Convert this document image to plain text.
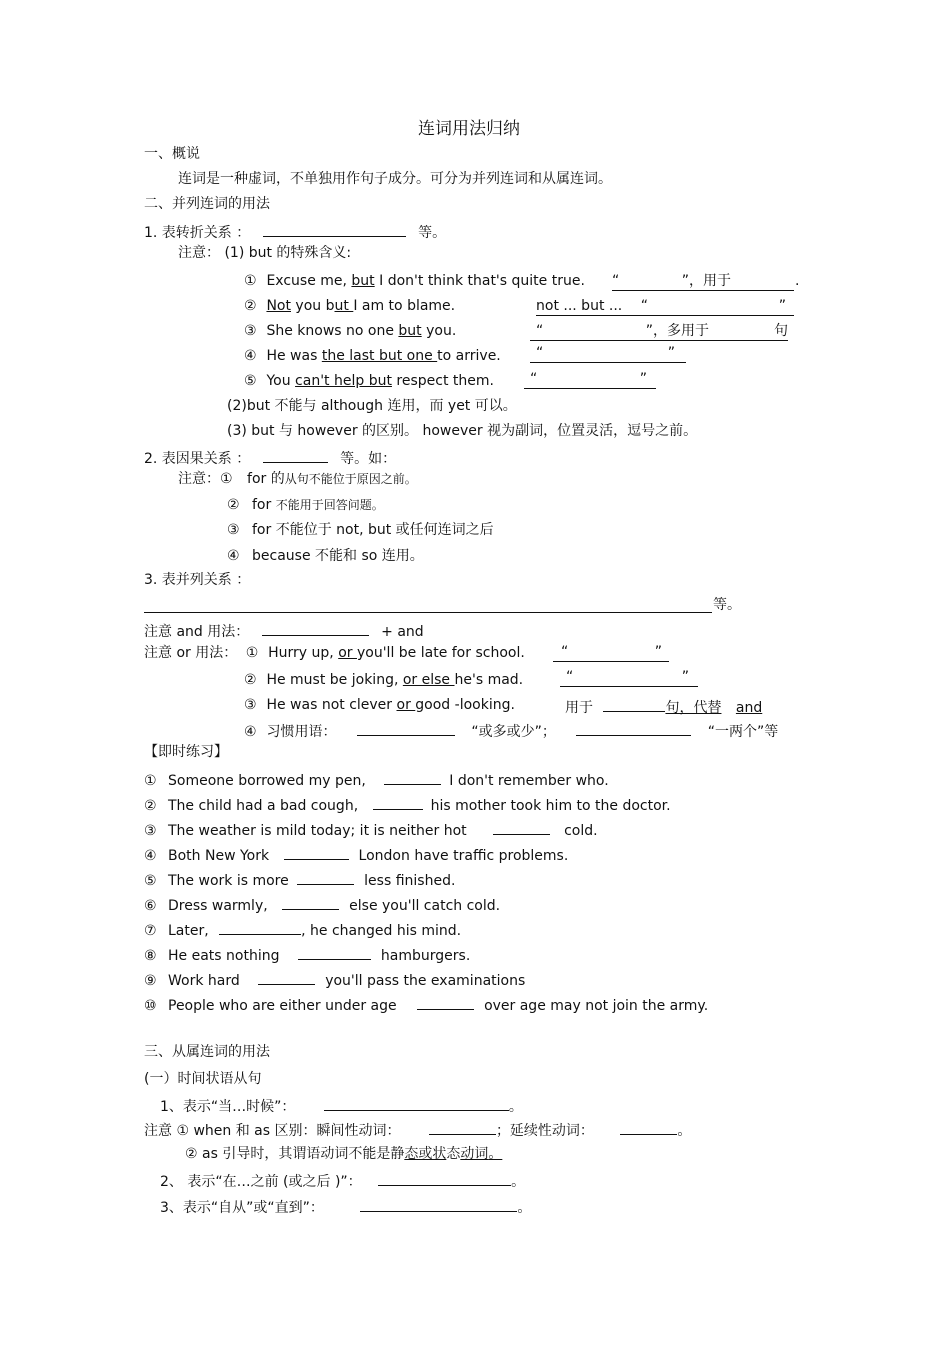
连词用法归纳
一、概说
连词是一种虚词，不单独用作句子成分。可分为并列连词和从属连词。
二、并列连词的用法
1. 表转折关系 ：	等。
注意： (1) but 的特殊含义:
① Excuse me, but I don't think that's quite true. “	”，用于	.
② Not you but I am to blame.	not ... but ... “	”
③ She knows no one but you.	“	”，多用于	句
④ He was the last but one to arrive.	“	”
⑤ You can't help but respect them.	“	”
(2)but 不能与 although 连用，而 yet 可以。
(3) but 与 however 的区别。 however 视为副词，位置灵活，逗号之前。
2. 表因果关系 ：	等。如：
注意：① for 的从句不能位于原因之前。
② for 不能用于回答问题。
③ for 不能位于 not, but 或任何连词之后
④ because 不能和 so 连用。
3. 表并列关系 ：
等。
注意 and 用法：	+ and
注意 or 用法： ① Hurry up, or you'll be late for school.	“	”
② He must be joking, or else he's mad.	“	”
③ He was not clever or good -looking.	用于	句，代替 and
④ 习惯用语：	“或多或少”；	“一两个”等
【即时练习】
① Someone borrowed my pen,	I don't remember who.
② The child had a bad cough,	his mother took him to the doctor.
③ The weather is mild today; it is neither hot	cold.
④ Both New York	London have traffic problems.
⑤ The work is more	less finished.
⑥ Dress warmly,	else you'll catch cold.
⑦ Later,	, he changed his mind.
⑧ He eats nothing	hamburgers.
⑨ Work hard	you'll pass the examinations
⑩ People who are either under age	over age may not join the army.
三、从属连词的用法
(一）时间状语从句
1、表示“当…时候”：	。
注意 ① when 和 as 区别：瞬间性动词：	；延续性动词：	。
② as 引导时，其谓语动词不能是静态或状态动词。
2、 表示“在…之前 (或之后 )”：	。
3、表示“自从”或“直到”：	。
